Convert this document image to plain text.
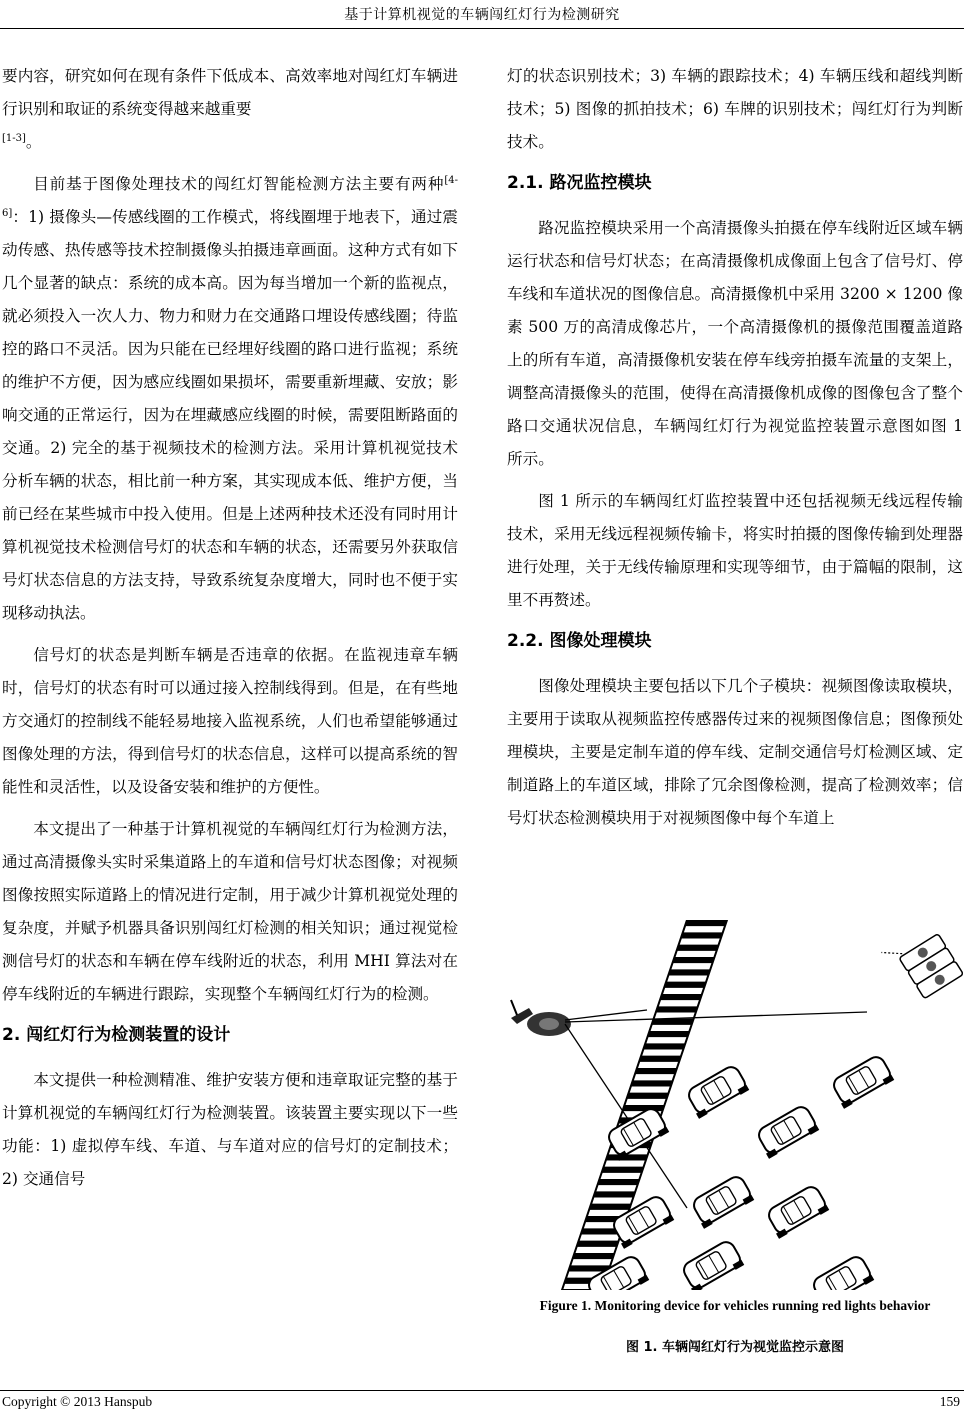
基于计算机视觉的车辆闯红灯行为检测研究

要内容，研究如何在现有条件下低成本、高效率地对闯红灯车辆进行识别和取证的系统变得越来越重要
[1-3]。

目前基于图像处理技术的闯红灯智能检测方法主要有两种[4-6]：1) 摄像头—传感线圈的工作模式，将线圈埋于地表下，通过震动传感、热传感等技术控制摄像头拍摄违章画面。这种方式有如下几个显著的缺点：系统的成本高。因为每当增加一个新的监视点，就必须投入一次人力、物力和财力在交通路口埋设传感线圈；待监控的路口不灵活。因为只能在已经埋好线圈的路口进行监视；系统的维护不方便，因为感应线圈如果损坏，需要重新埋藏、安放；影响交通的正常运行，因为在埋藏感应线圈的时候，需要阻断路面的交通。2) 完全的基于视频技术的检测方法。采用计算机视觉技术分析车辆的状态，相比前一种方案，其实现成本低、维护方便，当前已经在某些城市中投入使用。但是上述两种技术还没有同时用计算机视觉技术检测信号灯的状态和车辆的状态，还需要另外获取信号灯状态信息的方法支持，导致系统复杂度增大，同时也不便于实现移动执法。

信号灯的状态是判断车辆是否违章的依据。在监视违章车辆时，信号灯的状态有时可以通过接入控制线得到。但是，在有些地方交通灯的控制线不能轻易地接入监视系统，人们也希望能够通过图像处理的方法，得到信号灯的状态信息，这样可以提高系统的智能性和灵活性，以及设备安装和维护的方便性。

本文提出了一种基于计算机视觉的车辆闯红灯行为检测方法，通过高清摄像头实时采集道路上的车道和信号灯状态图像；对视频图像按照实际道路上的情况进行定制，用于减少计算机视觉处理的复杂度，并赋予机器具备识别闯红灯检测的相关知识；通过视觉检测信号灯的状态和车辆在停车线附近的状态，利用 MHI 算法对在停车线附近的车辆进行跟踪，实现整个车辆闯红灯行为的检测。

2. 闯红灯行为检测装置的设计

本文提供一种检测精准、维护安装方便和违章取证完整的基于计算机视觉的车辆闯红灯行为检测装置。该装置主要实现以下一些功能：1) 虚拟停车线、车道、与车道对应的信号灯的定制技术；2) 交通信号

灯的状态识别技术；3) 车辆的跟踪技术；4) 车辆压线和超线判断技术；5) 图像的抓拍技术；6) 车牌的识别技术；闯红灯行为判断技术。

2.1. 路况监控模块

路况监控模块采用一个高清摄像头拍摄在停车线附近区域车辆运行状态和信号灯状态；在高清摄像机成像面上包含了信号灯、停车线和车道状况的图像信息。高清摄像机中采用 3200 × 1200 像素 500 万的高清成像芯片，一个高清摄像机的摄像范围覆盖道路上的所有车道，高清摄像机安装在停车线旁拍摄车流量的支架上，调整高清摄像头的范围，使得在高清摄像机成像的图像包含了整个路口交通状况信息，车辆闯红灯行为视觉监控装置示意图如图 1 所示。

图 1 所示的车辆闯红灯监控装置中还包括视频无线远程传输技术，采用无线远程视频传输卡，将实时拍摄的图像传输到处理器进行处理，关于无线传输原理和实现等细节，由于篇幅的限制，这里不再赘述。

2.2. 图像处理模块

图像处理模块主要包括以下几个子模块：视频图像读取模块，主要用于读取从视频监控传感器传过来的视频图像信息；图像预处理模块，主要是定制车道的停车线、定制交通信号灯检测区域、定制道路上的车道区域，排除了冗余图像检测，提高了检测效率；信号灯状态检测模块用于对视频图像中每个车道上

Figure 1. Monitoring device for vehicles running red lights behavior
图 1. 车辆闯红灯行为视觉监控示意图
Copyright © 2013 Hanspub	159
